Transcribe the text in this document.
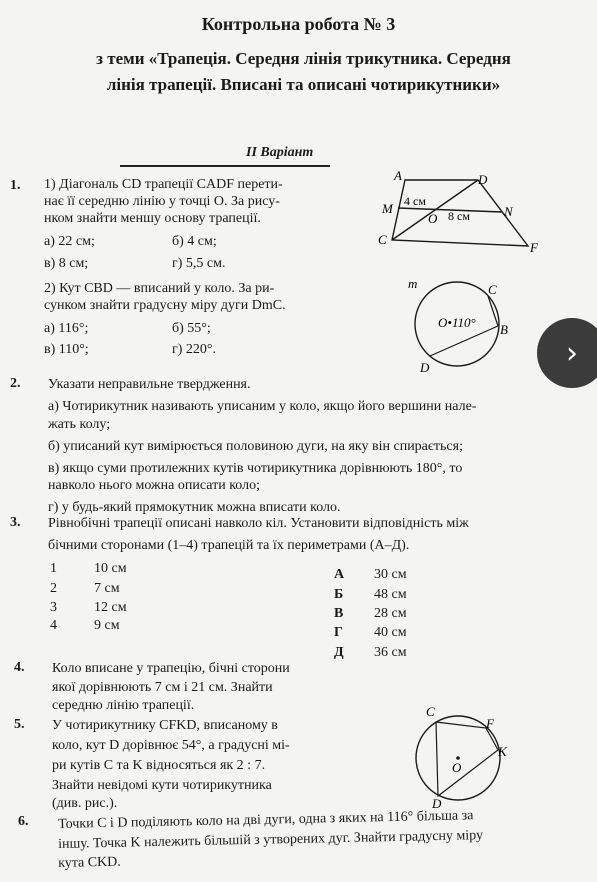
Контрольна робота № 3
з теми «Трапеція. Середня лінія трикутника. Середня
лінія трапеції. Вписані та описані чотирикутники»
ІІ Варіант
1. 1) Діагональ CD трапеції CADF перети-
нає її середню лінію у точці O. За рису-
нком знайти меншу основу трапеції.
а) 22 см;	б) 4 см;
в) 8 см;	г) 5,5 см.
2) Кут CBD — вписаний у коло. За ри-
сунком знайти градусну міру дуги DmC.
а) 116°;	б) 55°;
в) 110°;	г) 220°.
A	D
M 4 см
O 8 см	N
C
F
m	C
O•110° B
D
2. Указати неправильне твердження.
а) Чотирикутник називають уписаним у коло, якщо його вершини нале-
жать колу;
б) уписаний кут вимірюється половиною дуги, на яку він спирається;
в) якщо суми протилежних кутів чотирикутника дорівнюють 180°, то
навколо нього можна описати коло;
г) у будь-який прямокутник можна вписати коло.
3. Рівнобічні трапеції описані навколо кіл. Установити відповідність між
бічними сторонами (1–4) трапецій та їх периметрами (А–Д).
1	10 см
2	7 см
3	12 см
4	9 см
А 30 см
Б 48 см
В 28 см
Г 40 см
Д 36 см
4. Коло вписане у трапецію, бічні сторони
якої дорівнюють 7 см і 21 см. Знайти
середню лінію трапеції.
5. У чотирикутнику CFKD, вписаному в
коло, кут D дорівнює 54°, а градусні мі-
ри кутів C та K відносяться як 2 : 7.
Знайти невідомі кути чотирикутника
(див. рис.).
C
F
K
O
D
6. Точки C і D поділяють коло на дві дуги, одна з яких на 116° більша за
іншу. Точка K належить більшій з утворених дуг. Знайти градусну міру
кута CKD.
›
